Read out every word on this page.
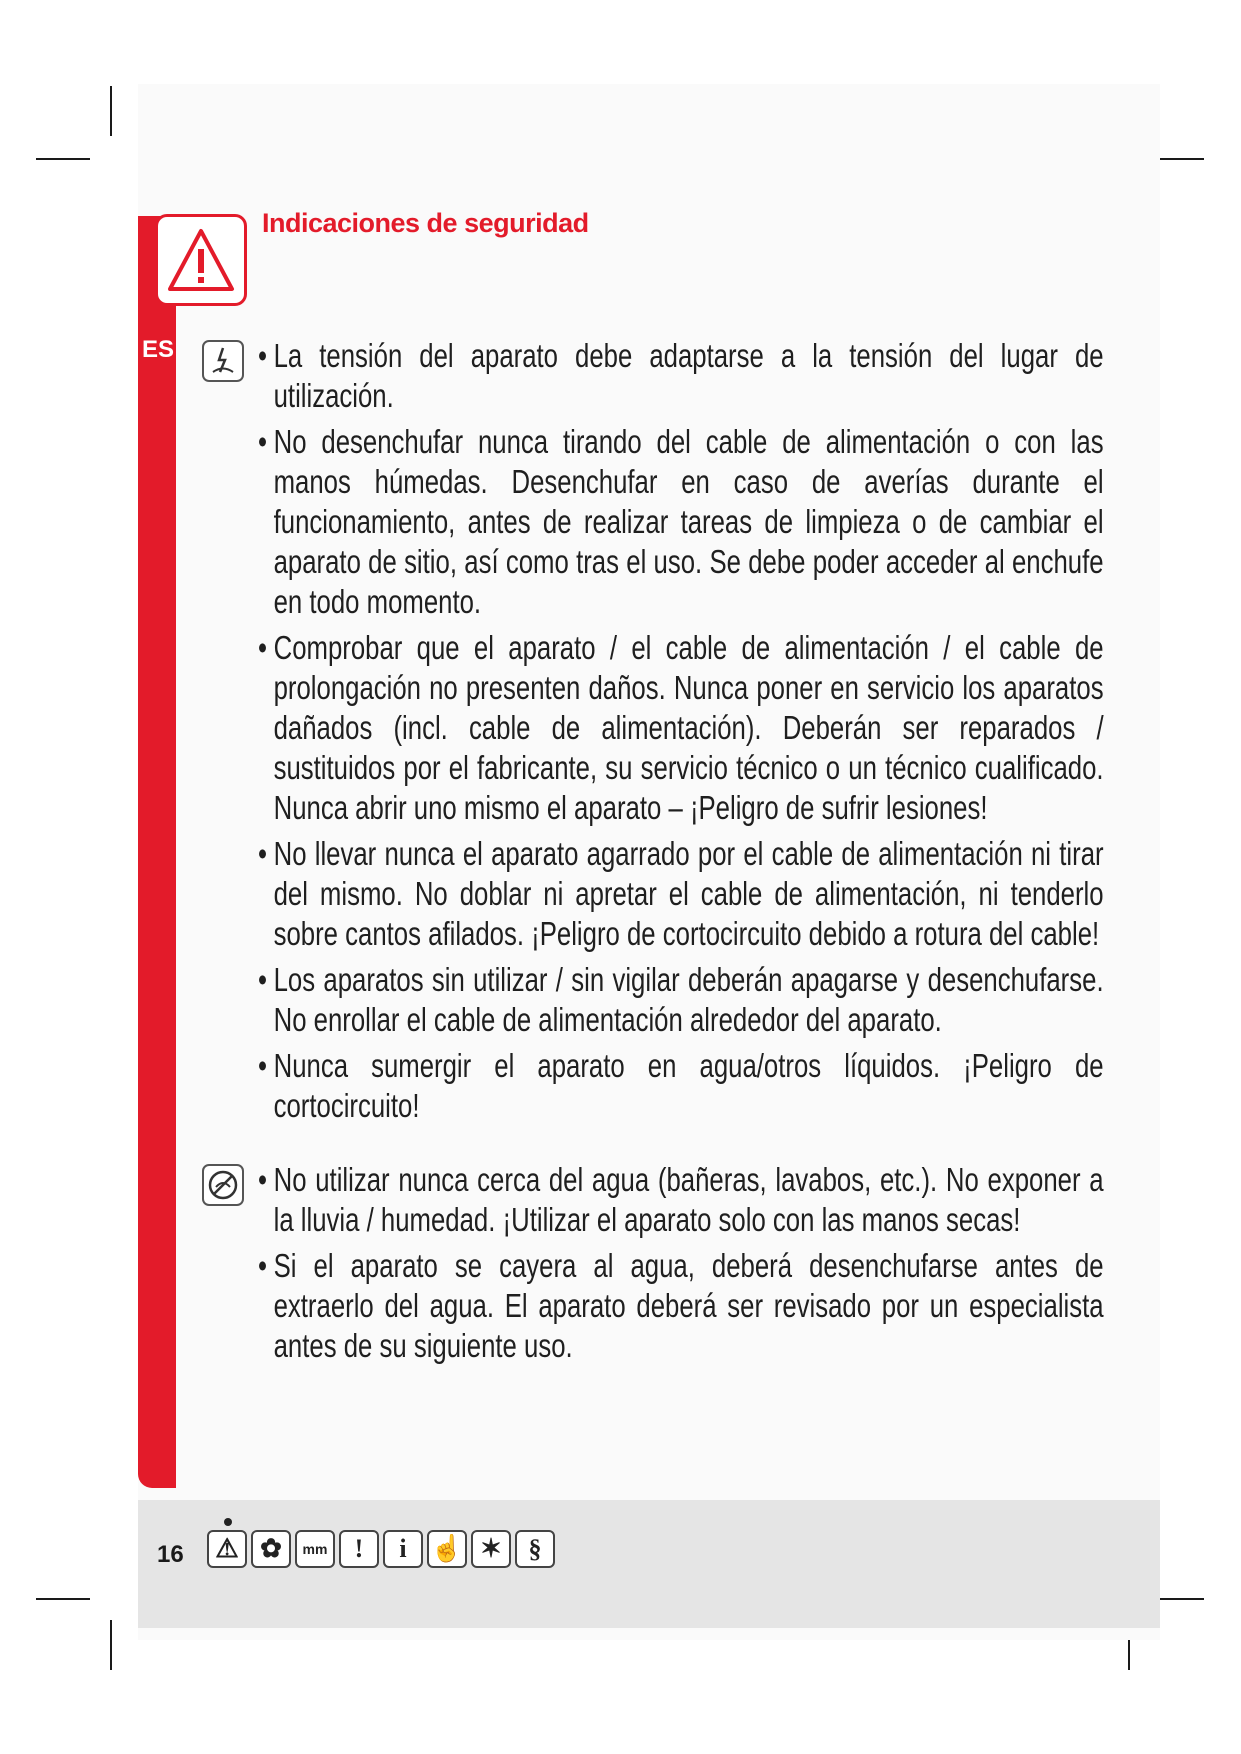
ES
Indicaciones de seguridad
• La tensión del aparato debe adaptarse a la tensión del lugar de utilización.
• No desenchufar nunca tirando del cable de alimentación o con las manos húmedas. Desenchufar en caso de averías durante el funcionamiento, antes de realizar tareas de limpieza o de cambiar el aparato de sitio, así como tras el uso. Se debe poder acceder al enchufe en todo momento.
• Comprobar que el aparato / el cable de alimentación / el cable de prolongación no presenten daños. Nunca poner en servicio los aparatos dañados (incl. cable de alimentación). Deberán ser reparados / sustituidos por el fabricante, su servicio técnico o un técnico cualificado. Nunca abrir uno mismo el aparato – ¡Peligro de sufrir lesiones!
• No llevar nunca el aparato agarrado por el cable de alimentación ni tirar del mismo. No doblar ni apretar el cable de alimentación, ni tenderlo sobre cantos afilados. ¡Peligro de cortocircuito debido a rotura del cable!
• Los aparatos sin utilizar / sin vigilar deberán apagarse y desenchufarse. No enrollar el cable de alimentación alrededor del aparato.
• Nunca sumergir el aparato en agua/otros líquidos. ¡Peligro de cortocircuito!
• No utilizar nunca cerca del agua (bañeras, lavabos, etc.). No exponer a la lluvia / humedad. ¡Utilizar el aparato solo con las manos secas!
• Si el aparato se cayera al agua, deberá desenchufarse antes de extraerlo del agua. El aparato deberá ser revisado por un especialista antes de su siguiente uso.
16	⚠ ✿	mm	!	i ☝ ✶	§
